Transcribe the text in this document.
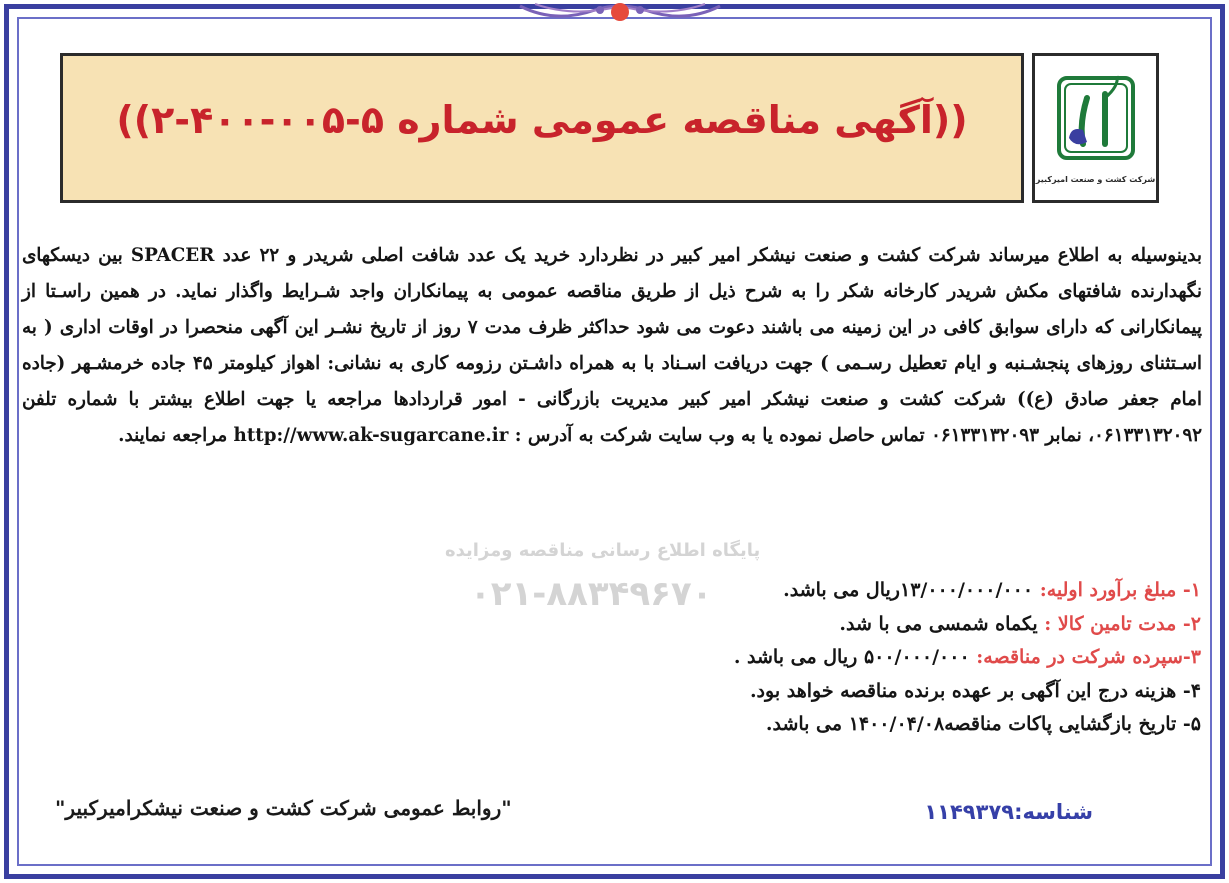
((آگهی مناقصه عمومی شماره ۵-۰۰۵-۴۰۰-۲))
شرکت کشت و صنعت امیرکبیر
بدینوسیله به اطلاع میرساند شرکت کشت و صنعت نیشکر امیر کبیر در نظردارد خرید یک عدد شافت اصلی شریدر و ۲۲ عدد SPACER بین دیسکهای نگهدارنده شافتهای مکش شریدر کارخانه شکر را به شرح ذیل از طریق مناقصه عمومی به پیمانکاران واجد شـرایط واگذار نماید. در همین راسـتا از پیمانکارانی که دارای سوابق کافی در این زمینه می باشند دعوت می شود حداکثر ظرف مدت ۷ روز از تاریخ نشـر این آگهی منحصرا در اوقات اداری ( به اسـتثنای روزهای پنجشـنبه و ایام تعطیل رسـمی ) جهت دریافت اسـناد با به همراه داشـتن رزومه کاری به نشانی: اهواز کیلومتر ۴۵ جاده خرمشـهر (جاده امام جعفر صادق (ع)) شرکت کشت و صنعت نیشکر امیر کبیر مدیریت بازرگانی - امور قراردادها مراجعه یا جهت اطلاع بیشتر با شماره تلفن ۰۶۱۳۳۱۳۲۰۹۲، نمابر ۰۶۱۳۳۱۳۲۰۹۳ تماس حاصل نموده یا به وب سایت شرکت به آدرس : http://www.ak-sugarcane.ir مراجعه نمایند.
پایگاه اطلاع رسانی مناقصه ومزایده
۰۲۱-۸۸۳۴۹۶۷۰	۱- مبلغ برآورد اولیه: ۱۳/۰۰۰/۰۰۰/۰۰۰ریال می باشد.
۲- مدت تامین کالا : یکماه شمسی می با شد.
۳-سپرده شرکت در مناقصه: ۵۰۰/۰۰۰/۰۰۰ ریال می باشد .
۴- هزینه درج این آگهی بر عهده برنده مناقصه خواهد بود.
۵- تاریخ بازگشایی پاکات مناقصه۱۴۰۰/۰۴/۰۸ می باشد.
شناسه:۱۱۴۹۳۷۹
"روابط عمومی شرکت کشت و صنعت نیشکرامیرکبیر"
